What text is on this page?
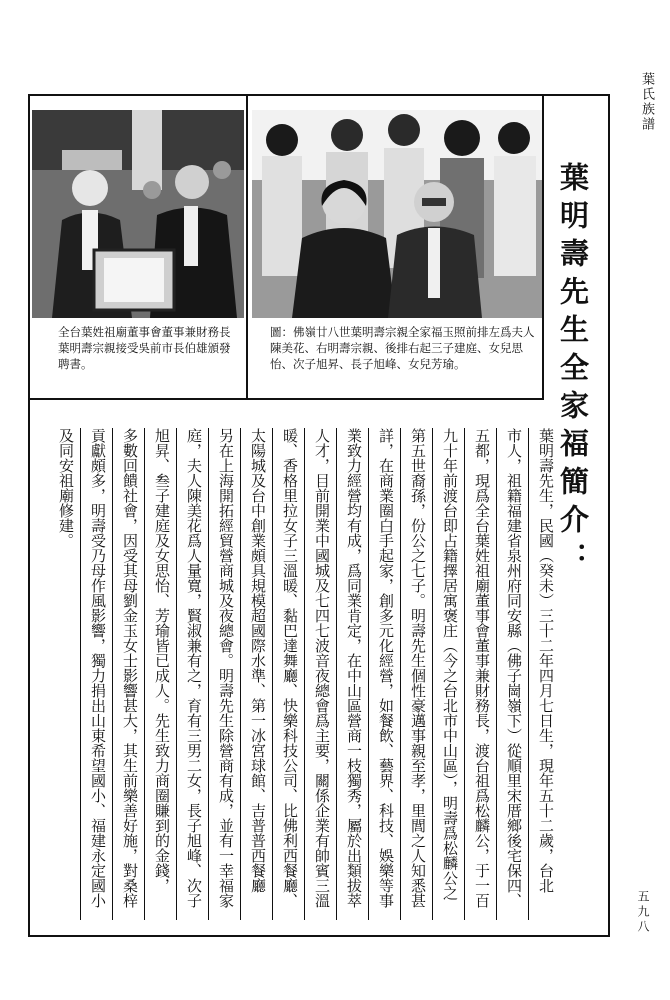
葉氏族譜
五九八
全台葉姓祖廟董事會董事兼財務長葉明壽宗親接受吳前市長伯雄頒發聘書。
圖：佛嶺廿八世葉明壽宗親全家福玉照前排左爲夫人陳美花、右明壽宗親、後排右起三子建庭、女兒思怡、次子旭昇、長子旭峰、女兒芳瑜。	葉明壽先生全家福簡介：
葉明壽先生，民國（癸未）三十二年四月七日生，現年五十二歲，台北
市人，祖籍福建省泉州府同安縣（佛子崗嶺下）從順里宋厝鄉後宅保四、
五都，現爲全台葉姓祖廟董事會董事兼財務長，渡台祖爲松麟公，于一百
九十年前渡台即占籍擇居寓褒庄（今之台北市中山區），明壽爲松麟公之
第五世裔孫，份公之七子。明壽先生個性豪邁事親至孝，里閭之人知悉甚
詳，在商業圈白手起家，創多元化經營，如餐飲、藝界、科技、娛樂等事
業致力經營均有成，爲同業肯定，在中山區營商一枝獨秀，屬於出類拔萃
人才，目前開業中國城及七四七波音夜總會爲主要，關係企業有帥賓三溫
暖、香格里拉女子三溫暖、黏巴達舞廳、快樂科技公司、比佛利西餐廳、
太陽城及台中創業頗具規模超國際水準、第一冰宮球館、吉普普西餐廳
另在上海開拓經貿營商城及夜總會。明壽先生除營商有成，並有一幸福家
庭，夫人陳美花爲人量寬，賢淑兼有之，育有三男二女，長子旭峰、次子
旭昇、叁子建庭及女思怡、芳瑜皆已成人。先生致力商圈賺到的金錢，
多數回饋社會，因受其母劉金玉女士影響甚大，其生前樂善好施，對桑梓
貢獻頗多，明壽受乃母作風影響，獨力捐出山東希望國小、福建永定國小
及同安祖廟修建。
